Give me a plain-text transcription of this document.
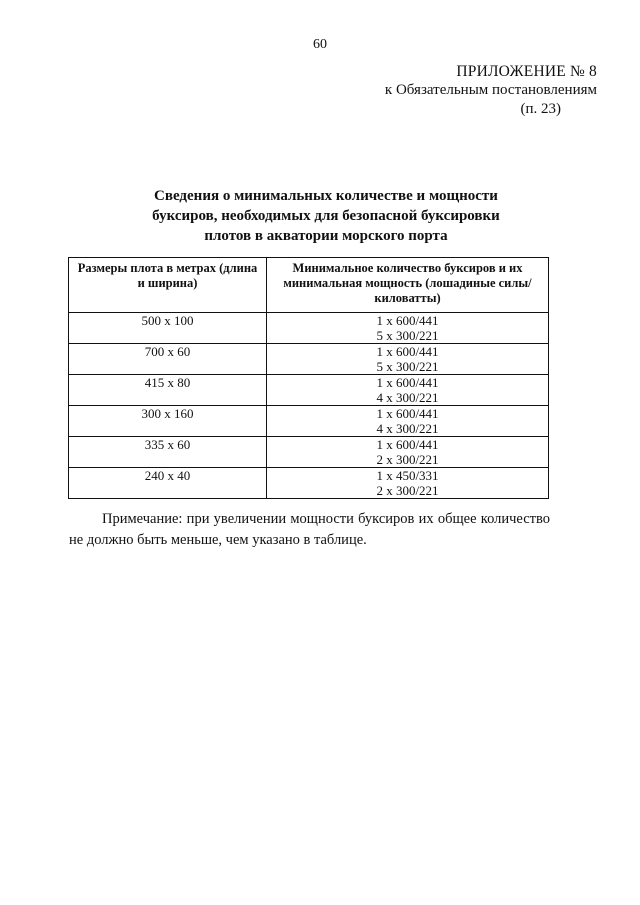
60
ПРИЛОЖЕНИЕ № 8
к Обязательным постановлениям
(п. 23)
Сведения о минимальных количестве и мощности
буксиров, необходимых для безопасной буксировки
плотов в акватории морского порта
Размеры плота в метрах (длина и ширина)	Минимальное количество буксиров и их минимальная мощность (лошадиные силы/киловатты)
500 x 100	1 x 600/441
5 x 300/221

700 x 60	1 x 600/441
5 x 300/221

415 x 80	1 x 600/441
4 x 300/221

300 x 160	1 x 600/441
4 x 300/221

335 x 60	1 x 600/441
2 x 300/221

240 x 40	1 x 450/331
2 x 300/221
Примечание: при увеличении мощности буксиров их общее количество не должно быть меньше, чем указано в таблице.
